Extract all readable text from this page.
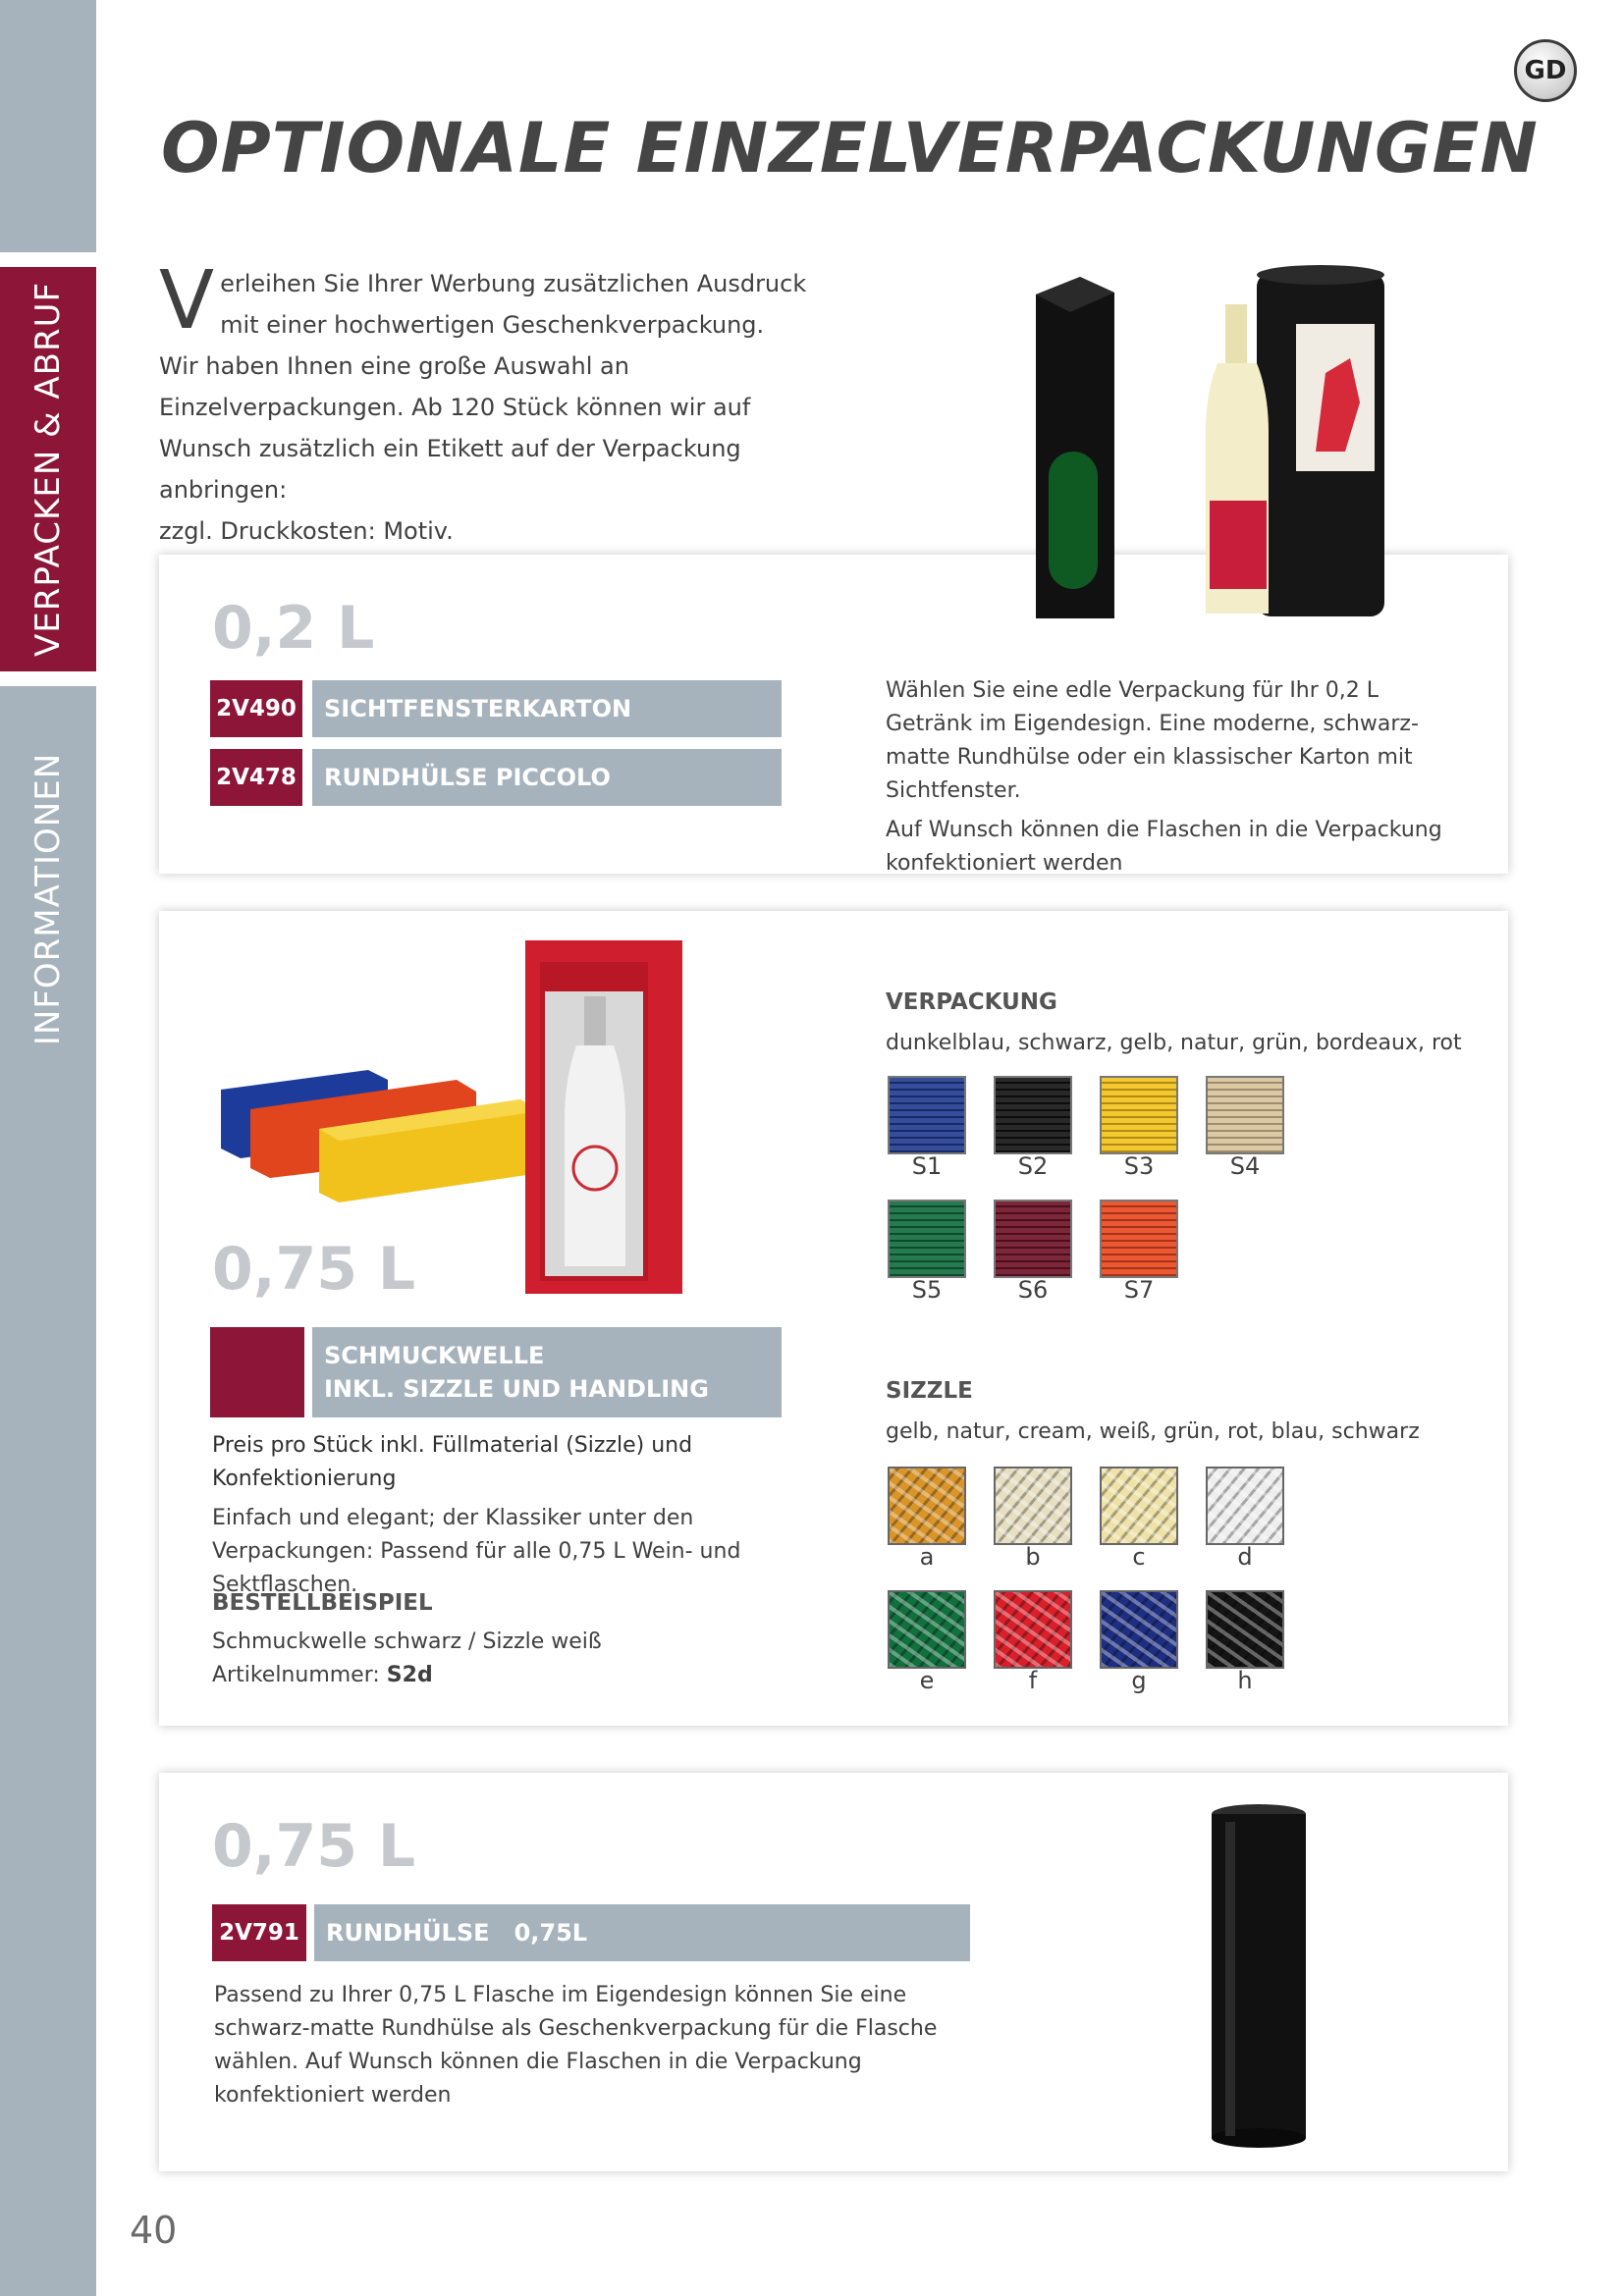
VERPACKEN & ABRUF
INFORMATIONEN
GD
OPTIONALE EINZELVERPACKUNGEN
V erleihen Sie Ihrer Werbung zusätzlichen Ausdruck mit einer hochwertigen Geschenkverpackung.

Wir haben Ihnen eine große Auswahl an Einzelverpackungen. Ab 120 Stück können wir auf Wunsch zusätzlich ein Etikett auf der Verpackung anbringen:

zzgl. Druckkosten: Motiv.

0,2 L
2V490	SICHTFENSTERKARTON
2V478	RUNDHÜLSE PICCOLO

Wählen Sie eine edle Verpackung für Ihr 0,2 L Getränk im Eigendesign. Eine moderne, schwarz-matte Rundhülse oder ein klassischer Karton mit Sichtfenster.

Auf Wunsch können die Flaschen in die Verpackung konfektioniert werden

0,75 L
SCHMUCKWELLE
INKL. SIZZLE UND HANDLING

Preis pro Stück inkl. Füllmaterial (Sizzle) und Konfektionierung

Einfach und elegant; der Klassiker unter den Verpackungen: Passend für alle 0,75 L Wein- und Sektflaschen.

BESTELLBEISPIEL

Schmuckwelle schwarz / Sizzle weiß

Artikelnummer: S2d

VERPACKUNG
dunkelblau, schwarz, gelb, natur, grün, bordeaux, rot
S1	S2	S3	S4
S5	S6	S7
SIZZLE
gelb, natur, cream, weiß, grün, rot, blau, schwarz
a	b	c	d
e	f	g	h
0,75 L
2V791	RUNDHÜLSE   0,75L
Passend zu Ihrer 0,75 L Flasche im Eigendesign können Sie eine schwarz-matte Rundhülse als Geschenkverpackung für die Flasche wählen. Auf Wunsch können die Flaschen in die Verpackung konfektioniert werden
40
